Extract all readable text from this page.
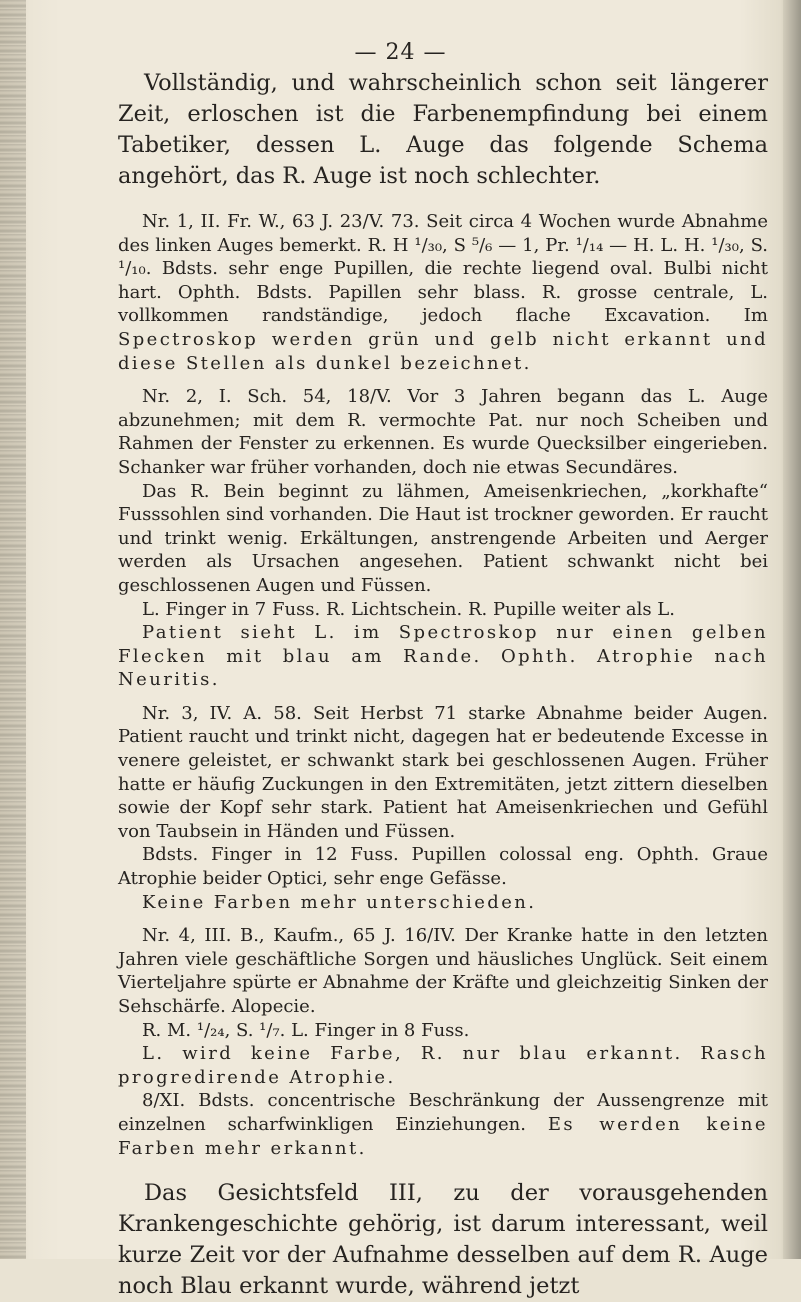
— 24 —

Vollständig, und wahrscheinlich schon seit längerer Zeit, erloschen ist die Farbenempfindung bei einem Tabetiker, dessen L. Auge das folgende Schema angehört, das R. Auge ist noch schlechter.

Nr. 1, II. Fr. W., 63 J. 23/V. 73. Seit circa 4 Wochen wurde Abnahme des linken Auges bemerkt. R. H ¹/₃₀, S ⁵/₆ — 1, Pr. ¹/₁₄ — H. L. H. ¹/₃₀, S. ¹/₁₀. Bdsts. sehr enge Pupillen, die rechte liegend oval. Bulbi nicht hart. Ophth. Bdsts. Papillen sehr blass. R. grosse centrale, L. vollkommen randständige, jedoch flache Excavation. Im Spectroskop werden grün und gelb nicht erkannt und diese Stellen als dunkel bezeichnet.

Nr. 2, I. Sch. 54, 18/V. Vor 3 Jahren begann das L. Auge abzunehmen; mit dem R. vermochte Pat. nur noch Scheiben und Rahmen der Fenster zu erkennen. Es wurde Quecksilber eingerieben. Schanker war früher vorhanden, doch nie etwas Secundäres.

Das R. Bein beginnt zu lähmen, Ameisenkriechen, „korkhafte“ Fusssohlen sind vorhanden. Die Haut ist trockner geworden. Er raucht und trinkt wenig. Erkältungen, anstrengende Arbeiten und Aerger werden als Ursachen angesehen. Patient schwankt nicht bei geschlossenen Augen und Füssen.

L. Finger in 7 Fuss. R. Lichtschein. R. Pupille weiter als L.

Patient sieht L. im Spectroskop nur einen gelben Flecken mit blau am Rande. Ophth. Atrophie nach Neuritis.

Nr. 3, IV. A. 58. Seit Herbst 71 starke Abnahme beider Augen. Patient raucht und trinkt nicht, dagegen hat er bedeutende Excesse in venere geleistet, er schwankt stark bei geschlossenen Augen. Früher hatte er häufig Zuckungen in den Extremitäten, jetzt zittern dieselben sowie der Kopf sehr stark. Patient hat Ameisenkriechen und Gefühl von Taubsein in Händen und Füssen.

Bdsts. Finger in 12 Fuss. Pupillen colossal eng. Ophth. Graue Atrophie beider Optici, sehr enge Gefässe.

Keine Farben mehr unterschieden.

Nr. 4, III. B., Kaufm., 65 J. 16/IV. Der Kranke hatte in den letzten Jahren viele geschäftliche Sorgen und häusliches Unglück. Seit einem Vierteljahre spürte er Abnahme der Kräfte und gleichzeitig Sinken der Sehschärfe. Alopecie.

R. M. ¹/₂₄, S. ¹/₇. L. Finger in 8 Fuss.

L. wird keine Farbe, R. nur blau erkannt. Rasch progredirende Atrophie.

8/XI. Bdsts. concentrische Beschränkung der Aussengrenze mit einzelnen scharfwinkligen Einziehungen. Es werden keine Farben mehr erkannt.

Das Gesichtsfeld III, zu der vorausgehenden Krankengeschichte gehörig, ist darum interessant, weil kurze Zeit vor der Aufnahme desselben auf dem R. Auge noch Blau erkannt wurde, während jetzt
